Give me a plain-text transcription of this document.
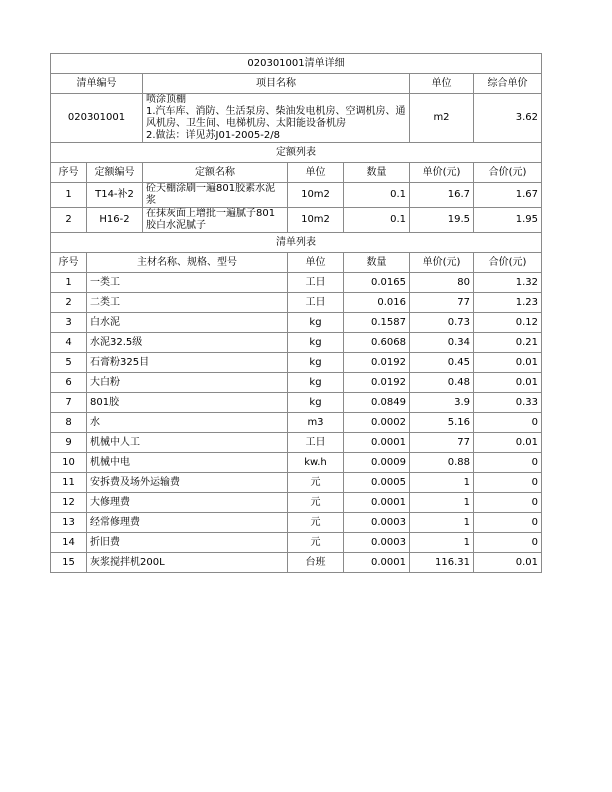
020301001清单详细						
清单编号		项目名称			单位	综合单价
020301001		喷涂顶棚
1.汽车库、消防、生活泵房、柴油发电机房、空调机房、通风机房、卫生间、电梯机房、太阳能设备机房
2.做法：详见苏J01-2005-2/8			m2	3.62
定额列表						
序号	定额编号	定额名称	单位	数量	单价(元)	合价(元)
1	T14-补2	砼天棚涂刷一遍801胶素水泥浆	10m2	0.1	16.7	1.67
2	H16-2	在抹灰面上增批一遍腻子801胶白水泥腻子	10m2	0.1	19.5	1.95
清单列表						
序号	主材名称、规格、型号		单位	数量	单价(元)	合价(元)
1	一类工		工日	0.0165	80	1.32
2	二类工		工日	0.016	77	1.23
3	白水泥		kg	0.1587	0.73	0.12
4	水泥32.5级		kg	0.6068	0.34	0.21
5	石膏粉325目		kg	0.0192	0.45	0.01
6	大白粉		kg	0.0192	0.48	0.01
7	801胶		kg	0.0849	3.9	0.33
8	水		m3	0.0002	5.16	0
9	机械中人工		工日	0.0001	77	0.01
10	机械中电		kw.h	0.0009	0.88	0
11	安拆费及场外运输费		元	0.0005	1	0
12	大修理费		元	0.0001	1	0
13	经常修理费		元	0.0003	1	0
14	折旧费		元	0.0003	1	0
15	灰浆搅拌机200L		台班	0.0001	116.31	0.01
